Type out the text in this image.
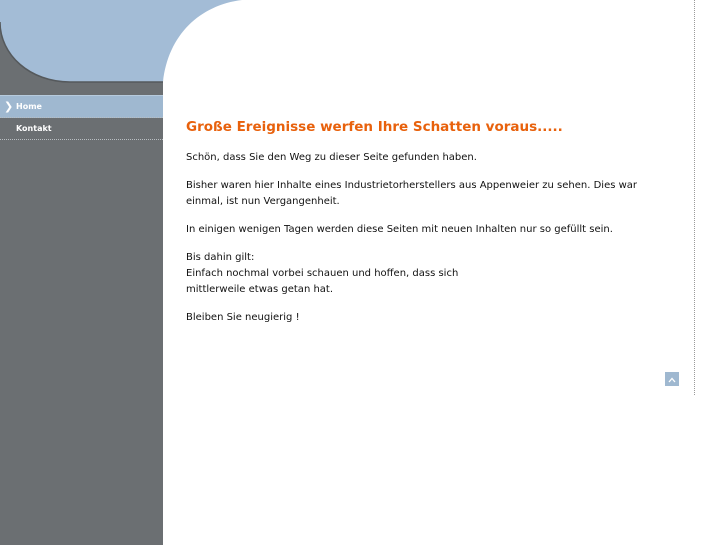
❯ Home
Kontakt	Große Ereignisse werfen Ihre Schatten voraus.....

Schön, dass Sie den Weg zu dieser Seite gefunden haben.

Bisher waren hier Inhalte eines Industrietorherstellers aus Appenweier zu sehen. Dies war einmal, ist nun Vergangenheit.

In einigen wenigen Tagen werden diese Seiten mit neuen Inhalten nur so gefüllt sein.

Bis dahin gilt:
Einfach nochmal vorbei schauen und hoffen, dass sich
mittlerweile etwas getan hat.

Bleiben Sie neugierig !
